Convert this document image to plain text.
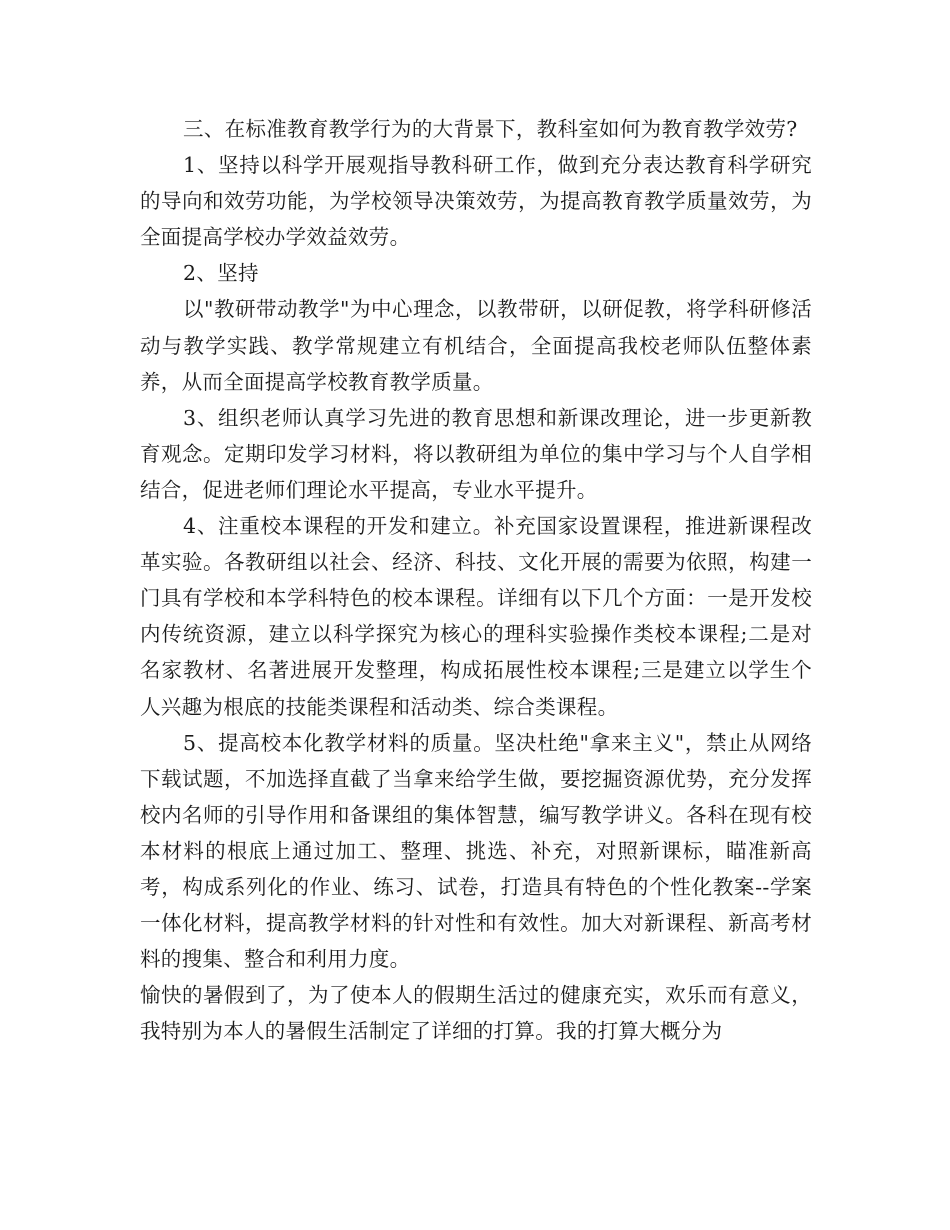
三、在标准教育教学行为的大背景下，教科室如何为教育教学效劳?

1、坚持以科学开展观指导教科研工作，做到充分表达教育科学研究的导向和效劳功能，为学校领导决策效劳，为提高教育教学质量效劳，为全面提高学校办学效益效劳。

2、坚持

以"教研带动教学"为中心理念，以教带研，以研促教，将学科研修活动与教学实践、教学常规建立有机结合，全面提高我校老师队伍整体素养，从而全面提高学校教育教学质量。

3、组织老师认真学习先进的教育思想和新课改理论，进一步更新教育观念。定期印发学习材料，将以教研组为单位的集中学习与个人自学相结合，促进老师们理论水平提高，专业水平提升。

4、注重校本课程的开发和建立。补充国家设置课程，推进新课程改革实验。各教研组以社会、经济、科技、文化开展的需要为依照，构建一门具有学校和本学科特色的校本课程。详细有以下几个方面：一是开发校内传统资源，建立以科学探究为核心的理科实验操作类校本课程;二是对名家教材、名著进展开发整理，构成拓展性校本课程;三是建立以学生个人兴趣为根底的技能类课程和活动类、综合类课程。

5、提高校本化教学材料的质量。坚决杜绝"拿来主义"，禁止从网络下载试题，不加选择直截了当拿来给学生做，要挖掘资源优势，充分发挥校内名师的引导作用和备课组的集体智慧，编写教学讲义。各科在现有校本材料的根底上通过加工、整理、挑选、补充，对照新课标，瞄准新高考，构成系列化的作业、练习、试卷，打造具有特色的个性化教案--学案一体化材料，提高教学材料的针对性和有效性。加大对新课程、新高考材料的搜集、整合和利用力度。

愉快的暑假到了，为了使本人的假期生活过的健康充实，欢乐而有意义，我特别为本人的暑假生活制定了详细的打算。我的打算大概分为
